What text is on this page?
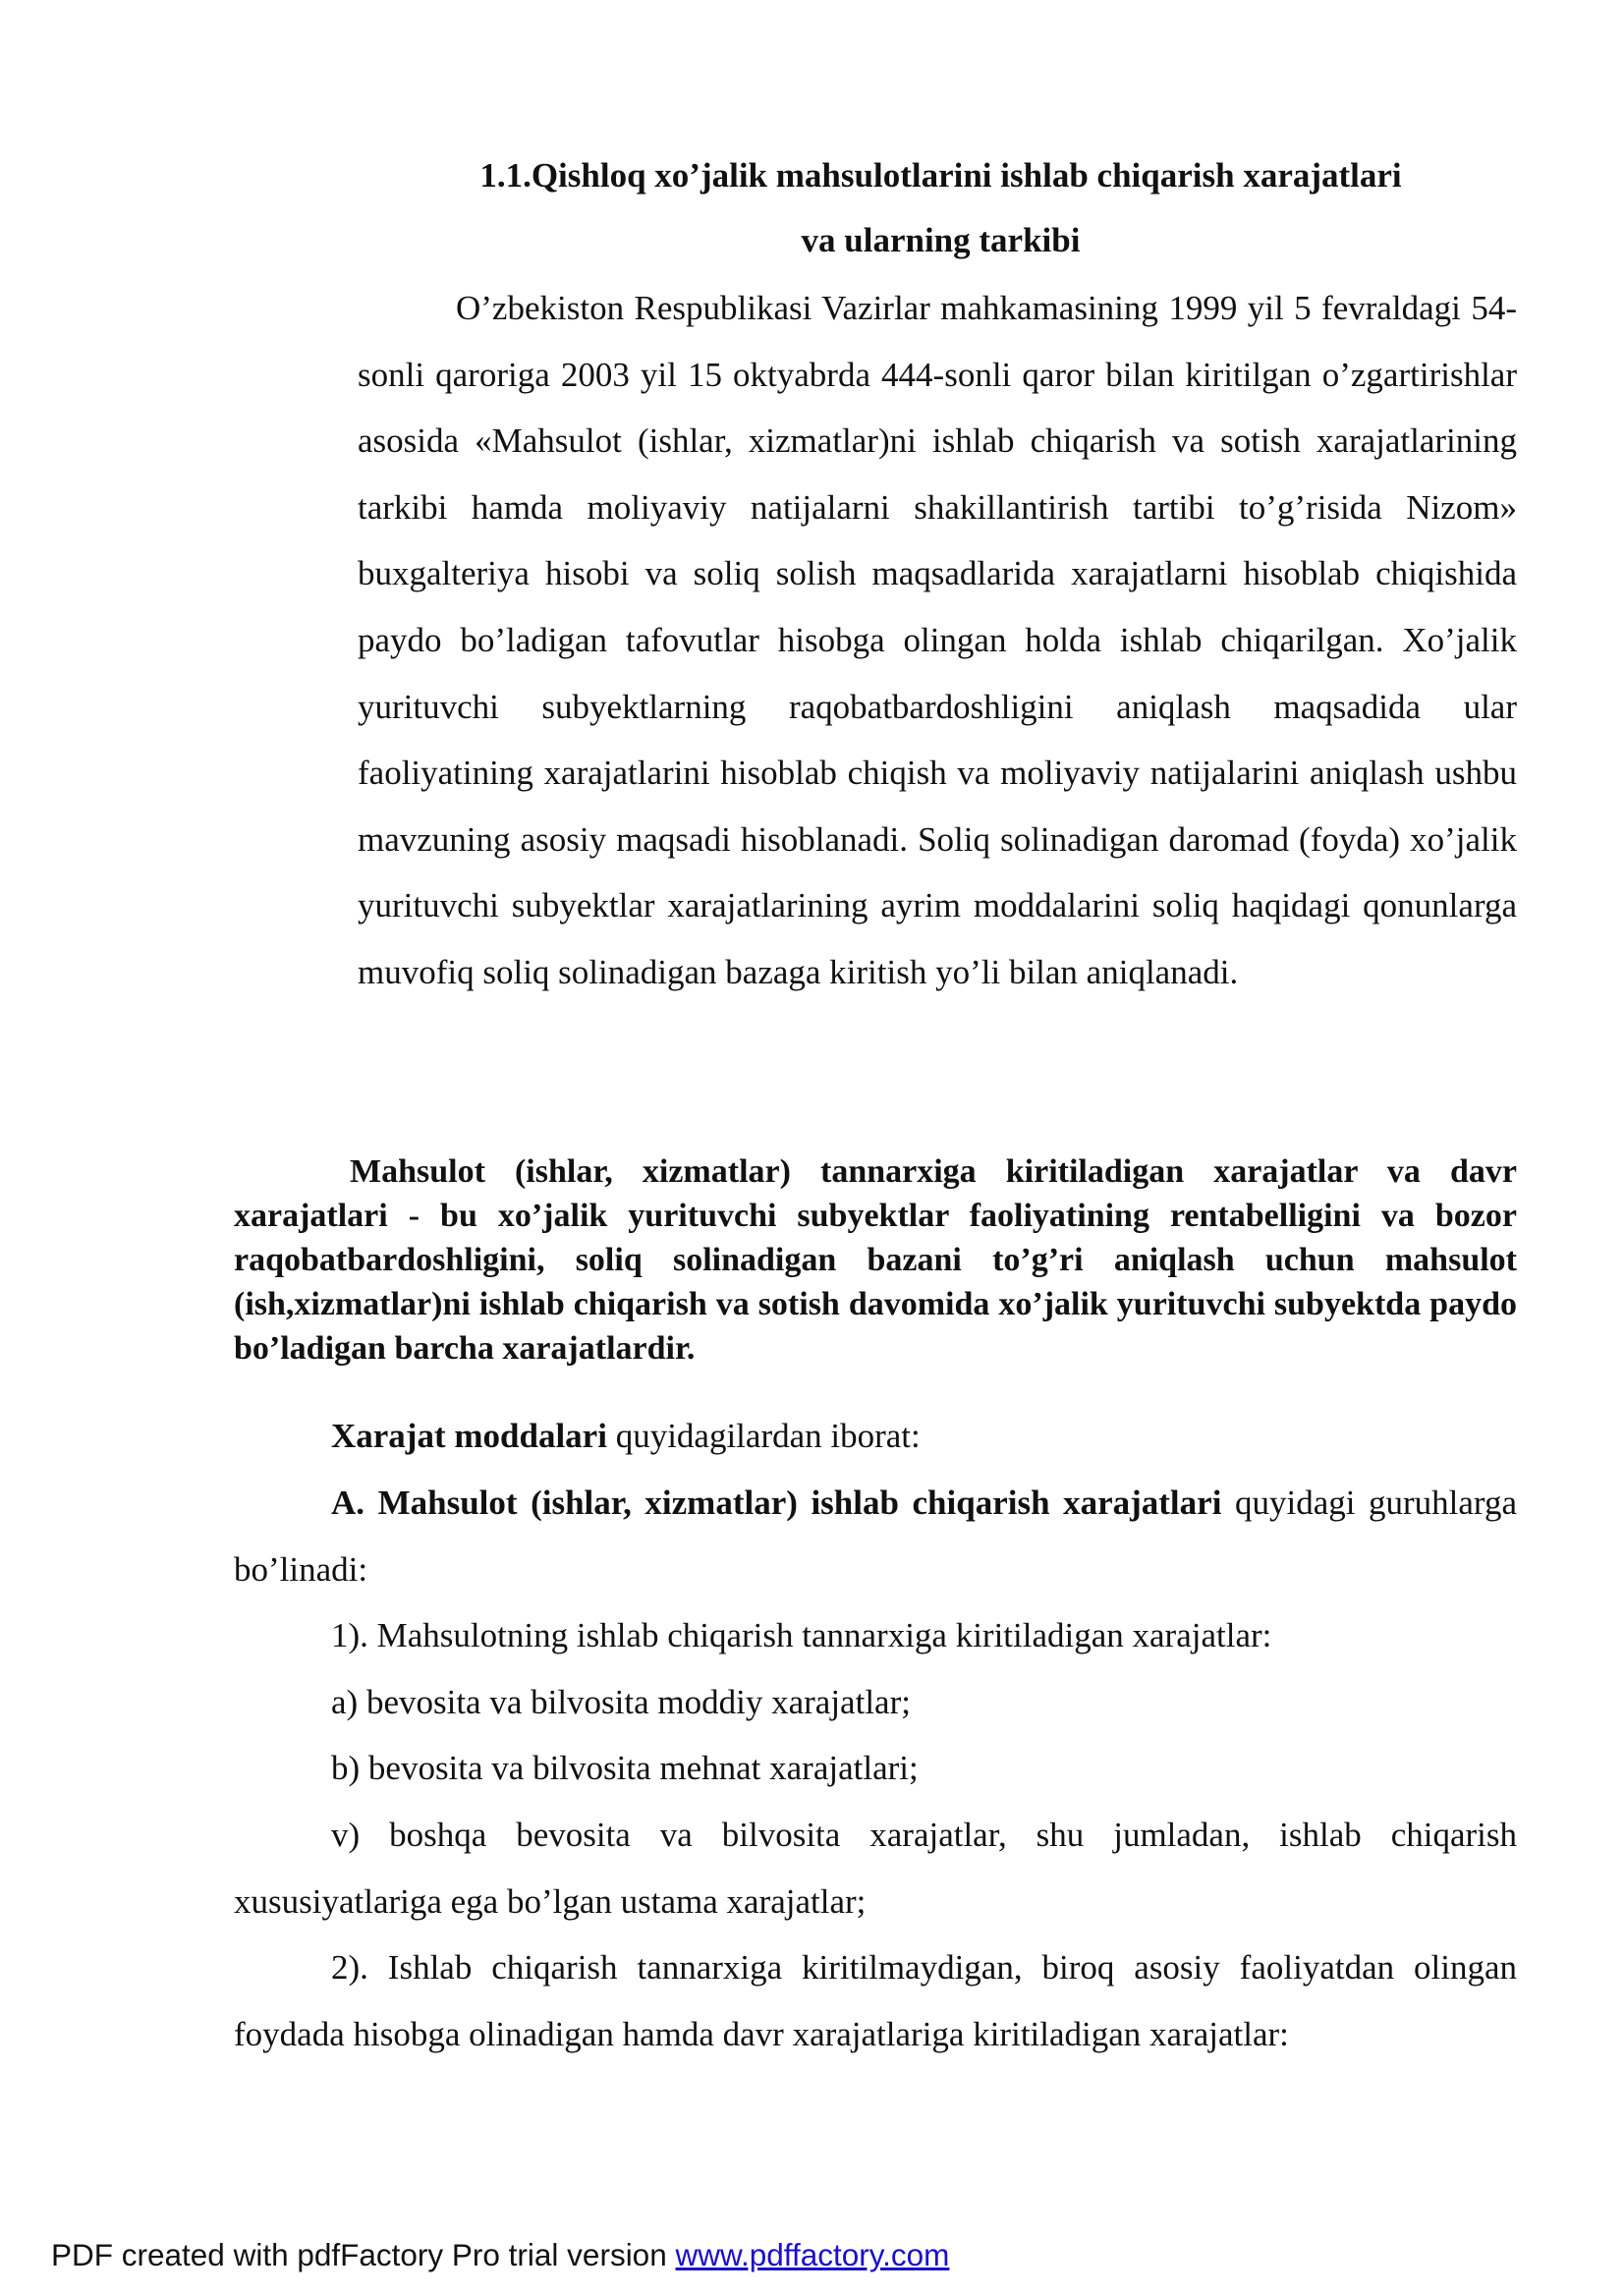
1.1.Qishloq xo’jalik mahsulotlarini ishlab chiqarish xarajatlari
va ularning tarkibi

O’zbekiston Respublikasi Vazirlar mahkamasining 1999 yil 5 fevraldagi 54-sonli qaroriga 2003 yil 15 oktyabrda 444-sonli qaror bilan kiritilgan o’zgartirishlar asosida «Mahsulot (ishlar, xizmatlar)ni ishlab chiqarish va sotish xarajatlarining tarkibi hamda moliyaviy natijalarni shakillantirish tartibi to’g’risida Nizom» buxgalteriya hisobi va soliq solish maqsadlarida xarajatlarni hisoblab chiqishida paydo bo’ladigan tafovutlar hisobga olingan holda ishlab chiqarilgan. Xo’jalik yurituvchi subyektlarning raqobatbardoshligini aniqlash maqsadida ular faoliyatining xarajatlarini hisoblab chiqish va moliyaviy natijalarini aniqlash ushbu mavzuning asosiy maqsadi hisoblanadi. Soliq solinadigan daromad (foyda) xo’jalik yurituvchi subyektlar xarajatlarining ayrim moddalarini soliq haqidagi qonunlarga muvofiq soliq solinadigan bazaga kiritish yo’li bilan aniqlanadi.

Mahsulot (ishlar, xizmatlar) tannarxiga kiritiladigan xarajatlar va davr xarajatlari - bu xo’jalik yurituvchi subyektlar faoliyatining rentabelligini va bozor raqobatbardoshligini, soliq solinadigan bazani to’g’ri aniqlash uchun mahsulot (ish,xizmatlar)ni ishlab chiqarish va sotish davomida xo’jalik yurituvchi subyektda paydo bo’ladigan barcha xarajatlardir.

Xarajat moddalari quyidagilardan iborat:

A. Mahsulot (ishlar, xizmatlar) ishlab chiqarish xarajatlari quyidagi guruhlarga bo’linadi:

1). Mahsulotning ishlab chiqarish tannarxiga kiritiladigan xarajatlar:

a) bevosita va bilvosita moddiy xarajatlar;

b) bevosita va bilvosita mehnat xarajatlari;

v) boshqa bevosita va bilvosita xarajatlar, shu jumladan, ishlab chiqarish xususiyatlariga ega bo’lgan ustama xarajatlar;

2). Ishlab chiqarish tannarxiga kiritilmaydigan, biroq asosiy faoliyatdan olingan foydada hisobga olinadigan hamda davr xarajatlariga kiritiladigan xarajatlar:

PDF created with pdfFactory Pro trial version www.pdffactory.com
